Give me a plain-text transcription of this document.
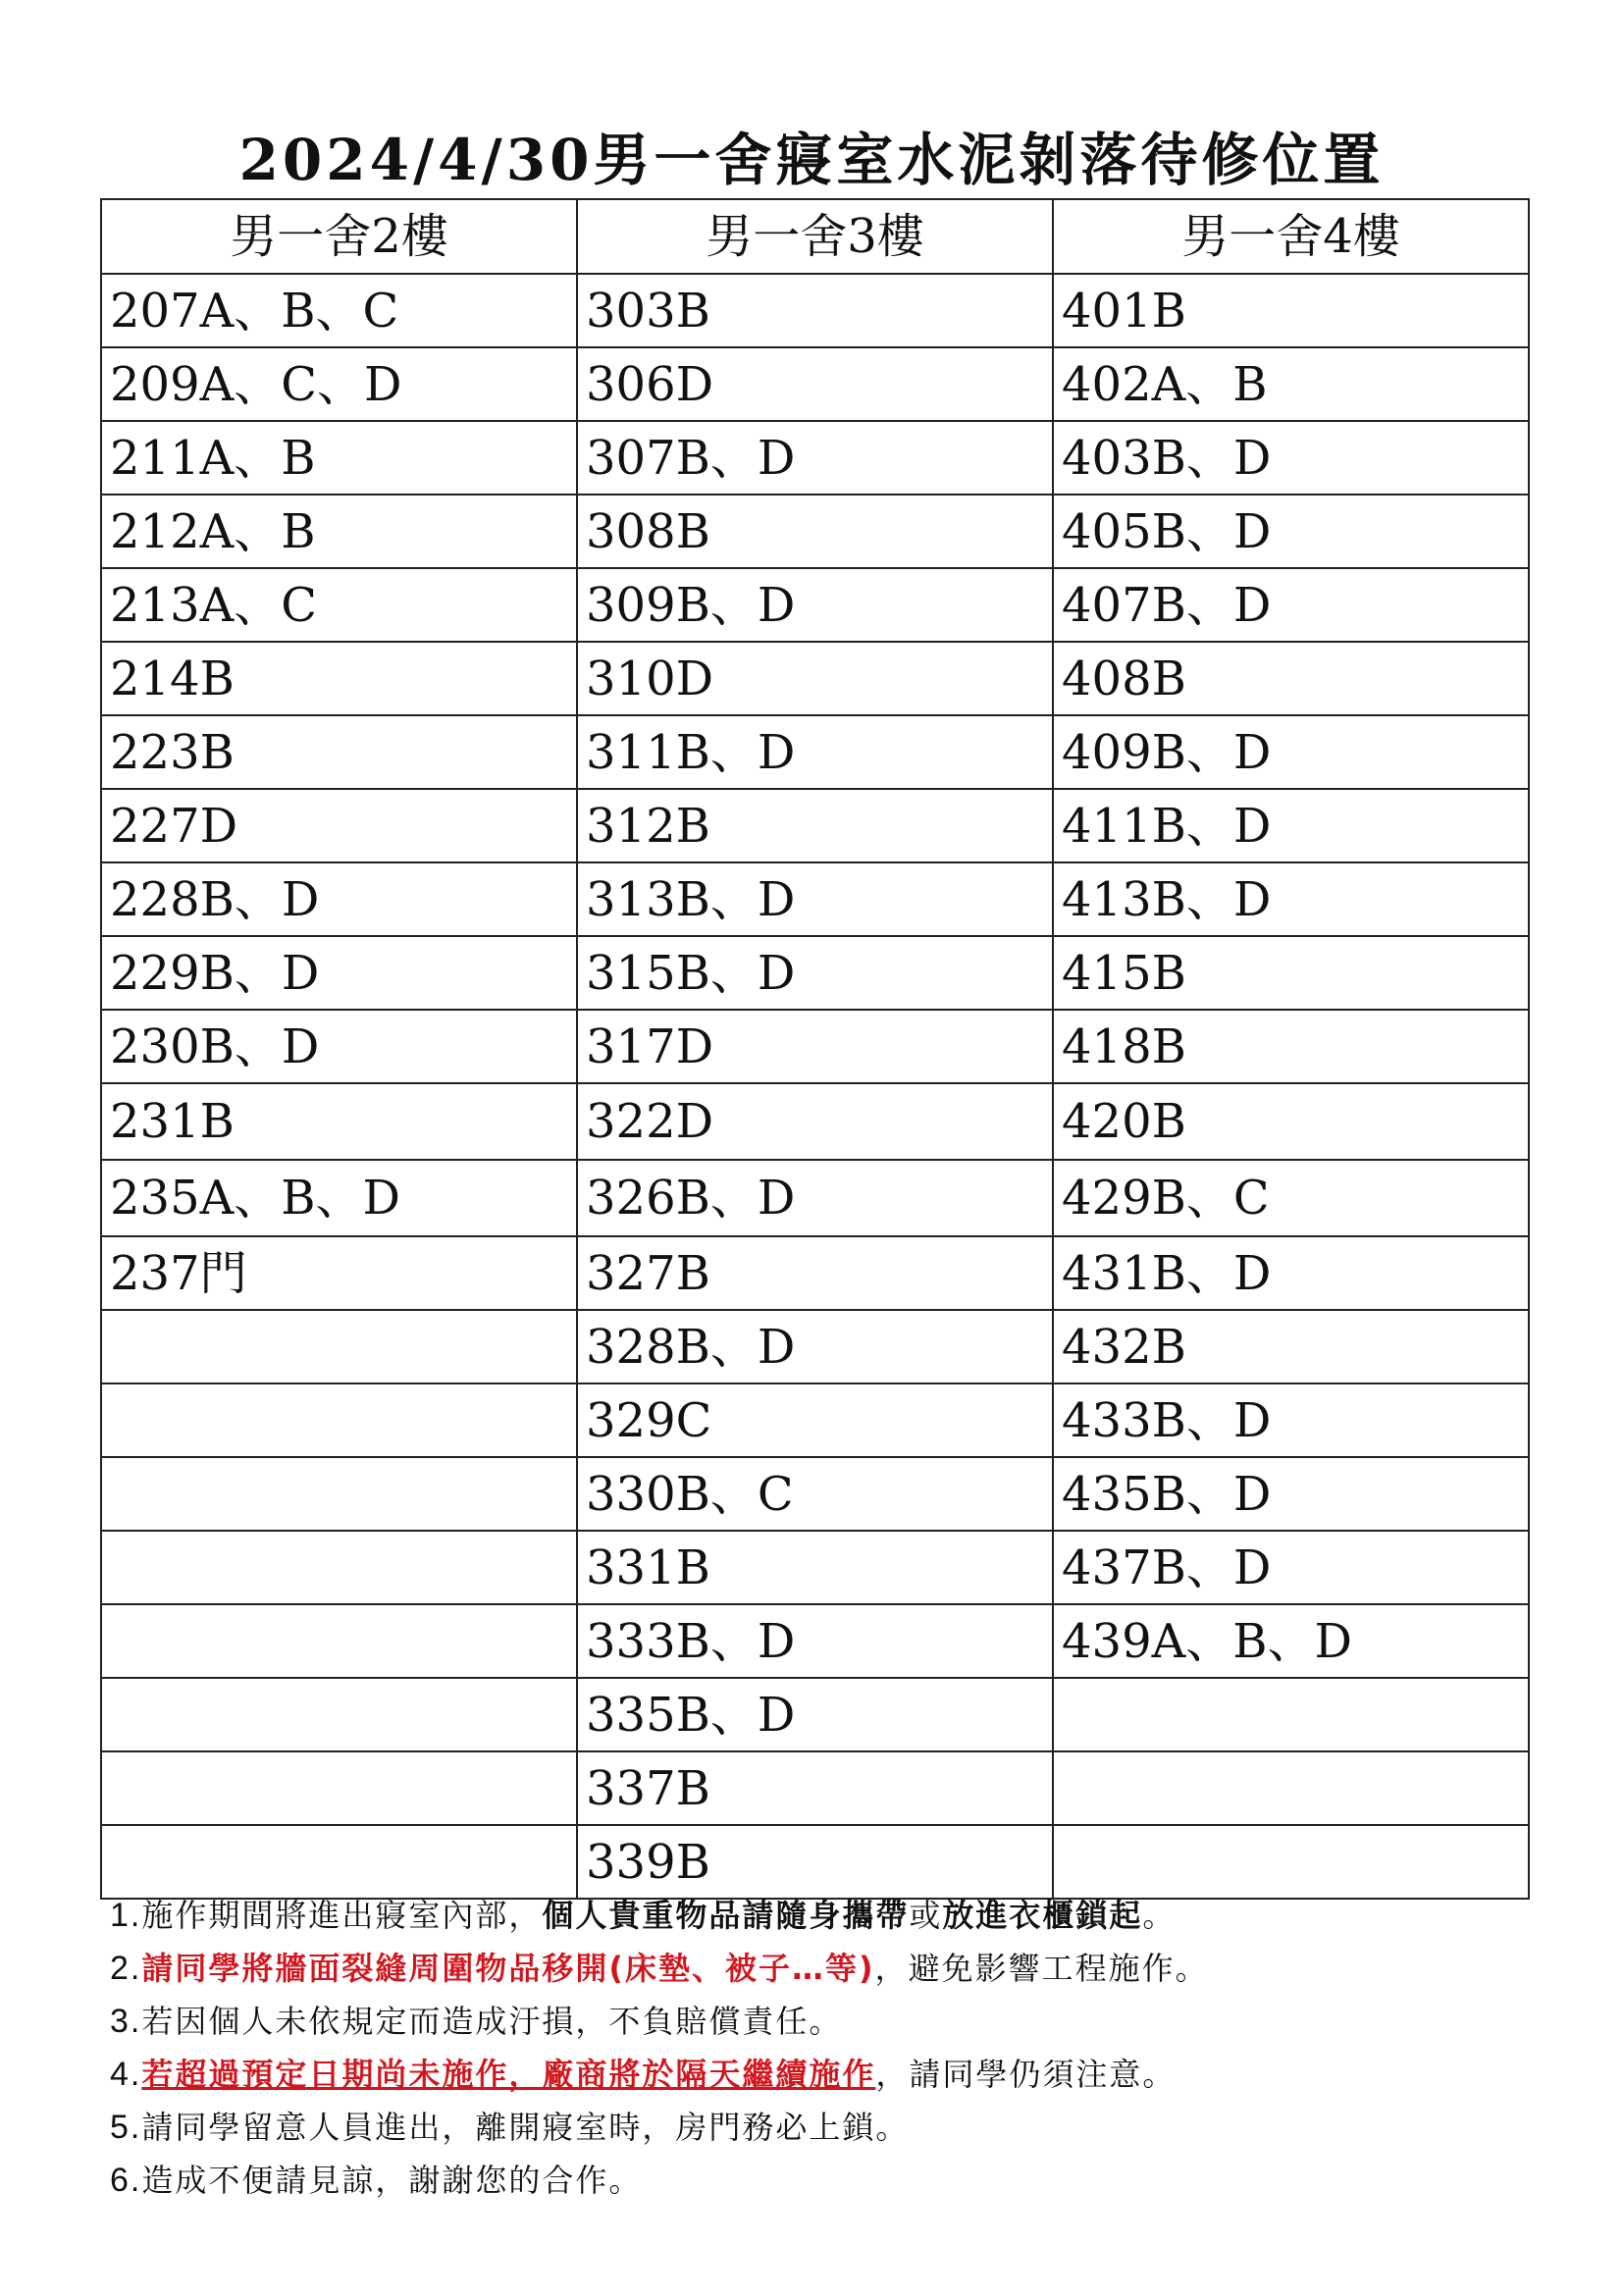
2024/4/30男一舍寢室水泥剝落待修位置
男一舍2樓	男一舍3樓	男一舍4樓
207A、B、C	303B	401B
209A、C、D	306D	402A、B
211A、B	307B、D	403B、D
212A、B	308B	405B、D
213A、C	309B、D	407B、D
214B	310D	408B
223B	311B、D	409B、D
227D	312B	411B、D
228B、D	313B、D	413B、D
229B、D	315B、D	415B
230B、D	317D	418B
231B	322D	420B
235A、B、D	326B、D	429B、C
237門	327B	431B、D
	328B、D	432B
	329C	433B、D
	330B、C	435B、D
	331B	437B、D
	333B、D	439A、B、D
	335B、D	
	337B	
	339B	
1.施作期間將進出寢室內部，個人貴重物品請隨身攜帶或放進衣櫃鎖起。
2.請同學將牆面裂縫周圍物品移開(床墊、被子…等)，避免影響工程施作。
3.若因個人未依規定而造成汙損，不負賠償責任。
4.若超過預定日期尚未施作，廠商將於隔天繼續施作，請同學仍須注意。
5.請同學留意人員進出，離開寢室時，房門務必上鎖。
6.造成不便請見諒，謝謝您的合作。
